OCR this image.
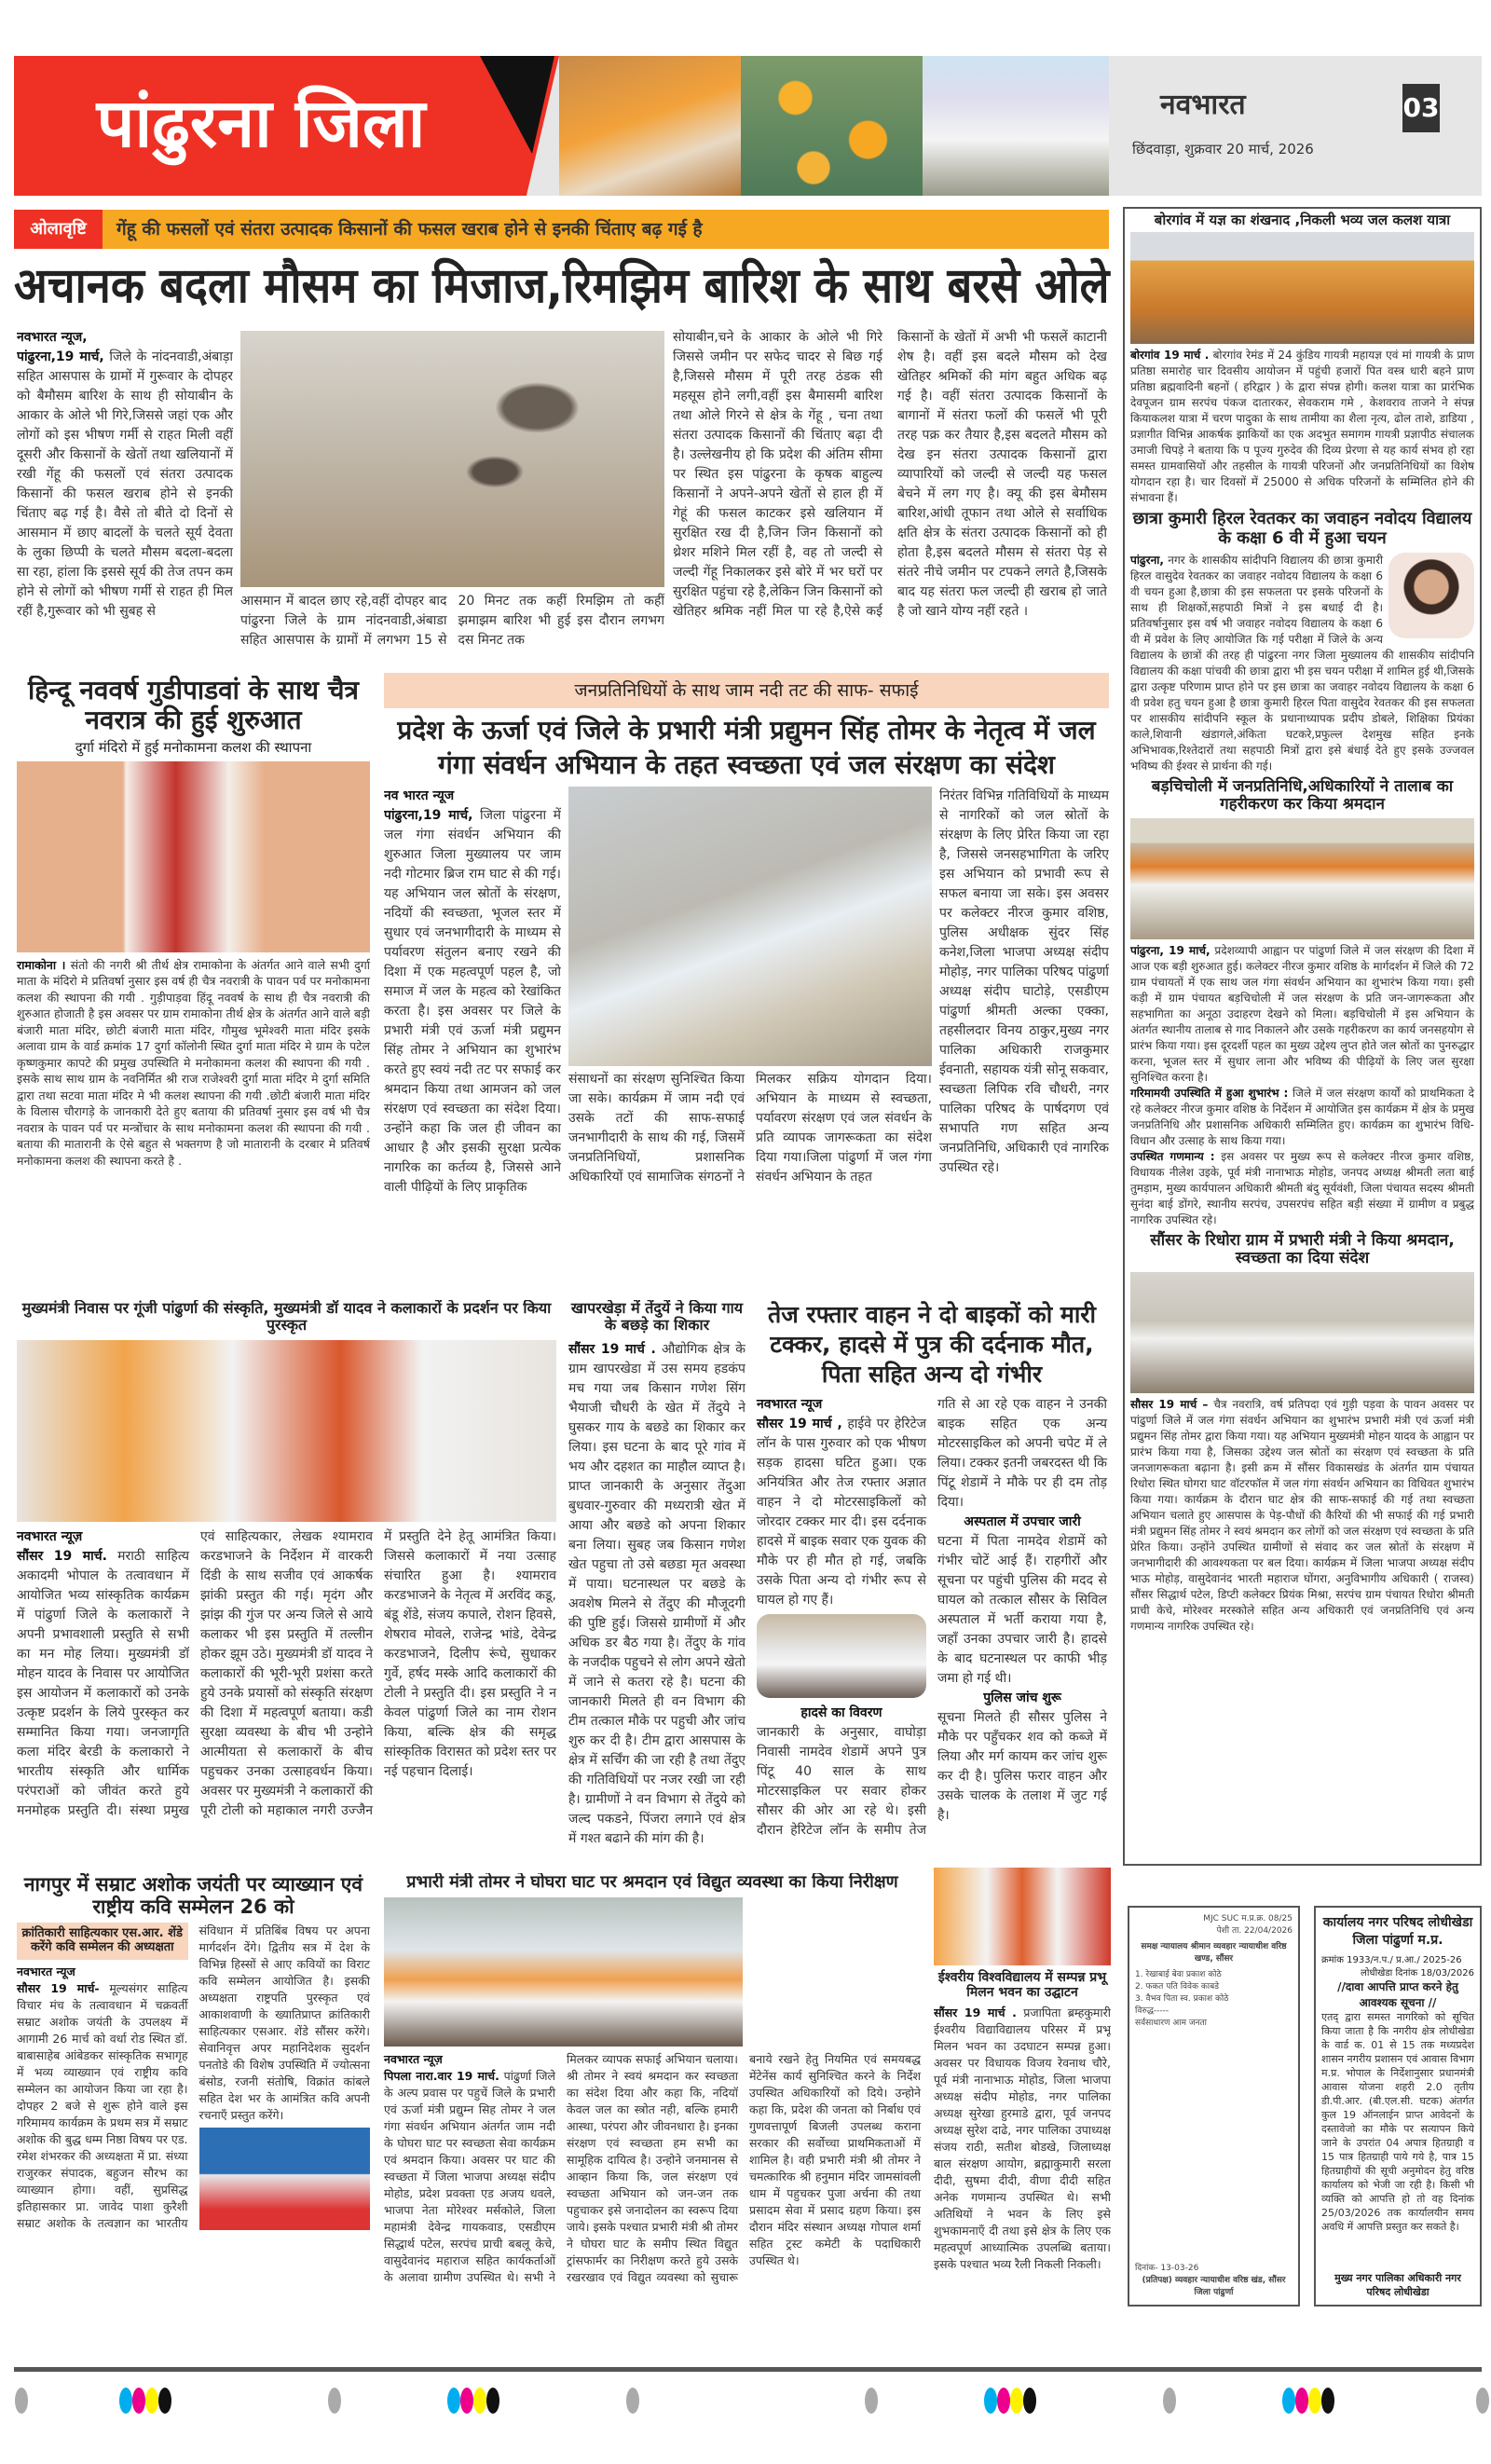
पांढुरना जिला	नवभारत	03
छिंदवाड़ा, शुक्रवार 20 मार्च, 2026
ओलावृष्टि	गेंहू की फसलों एवं संतरा उत्पादक किसानों की फसल खराब होने से इनकी चिंताए बढ़ गई है
अचानक बदला मौसम का मिजाज,रिमझिम बारिश के साथ बरसे ओले
नवभारत न्यूज,
पांढुरना,19 मार्च, जिले के नांदनवाडी,अंबाड़ा सहित आसपास के ग्रामों में गुरूवार के दोपहर को बैमौसम बारिश के साथ ही सोयाबीन के आकार के ओले भी गिरे,जिससे जहां एक और लोगों को इस भीषण गर्मी से राहत मिली वहीं दूसरी और किसानों के खेतों तथा खलियानों में रखी गेंहू की फसलों एवं संतरा उत्पादक किसानों की फसल खराब होने से इनकी चिंताए बढ़ गई है। वैसे तो बीते दो दिनों से आसमान में छाए बादलों के चलते सूर्य देवता के लुका छिप्पी के चलते मौसम बदला-बदला सा रहा, हांला कि इससे सूर्य की तेज तपन कम होने से लोगों को भीषण गर्मी से राहत ही मिल रहीं है,गुरूवार को भी सुबह से
आसमान में बादल छाए रहे,वहीं दोपहर बाद पांढुरना जिले के ग्राम नांदनवाडी,अंबाडा सहित आसपास के ग्रामों में लगभग 15 से 20 मिनट तक कहीं रिमझिम तो कहीं झमाझम बारिश भी हुई इस दौरान लगभग दस मिनट तक
सोयाबीन,चने के आकार के ओले भी गिरे जिससे जमीन पर सफेद चादर से बिछ गई है,जिससे मौसम में पूरी तरह ठंडक सी महसूस होने लगी,वहीं इस बैमासमी बारिश तथा ओले गिरने से क्षेत्र के गेंहू , चना तथा संतरा उत्पादक किसानों की चिंताए बढ़ा दी है। उल्लेखनीय हो कि प्रदेश की अंतिम सीमा पर स्थित इस पांढुरना के कृषक बाहुल्य किसानों ने अपने-अपने खेतों से हाल ही में गेहूं की फसल काटकर इसे खलियान में सुरक्षित रख दी है,जिन जिन किसानों को थ्रेशर मशिने मिल रहीं है, वह तो जल्दी से जल्दी गेंहू निकालकर इसे बोरे में भर घरों पर सुरक्षित पहुंचा रहे है,लेकिन जिन किसानों को खेतिहर श्रमिक नहीं मिल पा रहे है,ऐसे कई किसानों के खेतों में अभी भी फसलें काटानी शेष है। वहीं इस बदले मौसम को देख खेतिहर श्रमिकों की मांग बहुत अधिक बढ़ गई है। वहीं संतरा उत्पादक किसानों के बागानों में संतरा फलों की फसलें भी पूरी तरह पक्र कर तैयार है,इस बदलते मौसम को देख इन संतरा उत्पादक किसानों द्वारा व्यापारियों को जल्दी से जल्दी यह फसल बेचने में लग गए है। क्यू की इस बेमौसम बारिश,आंधी तूफान तथा ओले से सर्वाधिक क्षति क्षेत्र के संतरा उत्पादक किसानों को ही होता है,इस बदलते मौसम से संतरा पेड़ से संतरे नीचे जमीन पर टपकने लगते है,जिसके बाद यह संतरा फल जल्दी ही खराब हो जाते है जो खाने योग्य नहीं रहते ।
बोरगांव में यज्ञ का शंखनाद ,निकली भव्य जल कलश यात्रा
बोरगांव 19 मार्च . बोरगांव रेमंड में 24 कुंडिय गायत्री महायज्ञ एवं मां गायत्री के प्राण प्रतिष्ठा समारोह चार दिवसीय आयोजन में पहुंची हजारों पित वस्त्र धारी बहने प्राण प्रतिष्ठा ब्रह्मवादिनी बहनों ( हरिद्वार ) के द्वारा संपन्न होगी। कलश यात्रा का प्रारंभिक देवपूजन ग्राम सरपंच पंकज दातारकर, सेवकराम गमे , केशवराव ताजने ने संपन्न कियाकलश यात्रा में चरण पादुका के साथ तामीया का शैला नृत्य, ढोल ताशे, डाडिया , प्रज्ञागीत विभिन्न आकर्षक झाकियों का एक अदभुत समागम गायत्री प्रज्ञापीठ संचालक उमाजी चिपड़े ने बताया कि प पूज्य गुरुदेव की दिव्य प्रेरणा से यह कार्य संभव हो रहा समस्त ग्रामवासियों और तहसील के गायत्री परिजनों और जनप्रतिनिधियों का विशेष योगदान रहा है। चार दिवसों में 25000 से अधिक परिजनों के सम्मिलित होने की संभावना हैं।
छात्रा कुमारी हिरल रेवतकर का जवाहन नवोदय विद्यालय के कक्षा 6 वी में हुआ चयन
पांढुरना, नगर के शासकीय सांदीपनि विद्यालय की छात्रा कुमारी हिरल वासुदेव रेवतकर का जवाहर नवोदय विद्यालय के कक्षा 6 वी चयन हुआ है,छात्रा की इस सफलता पर इसके परिजनों के साथ ही शिक्षकों,सहपाठी मित्रों ने इस बधाई दी है। प्रतिवर्षानुसार इस वर्ष भी जवाहर नवोदय विद्यालय के कक्षा 6 वी में प्रवेश के लिए आयोजित कि गई परीक्षा में जिले के अन्य विद्यालय के छात्रों की तरह ही पांढुरना नगर जिला मुख्यालय की शासकीय सांदीपनि विद्यालय की कक्षा पांचवी की छात्रा द्वारा भी इस चयन परीक्षा में शामिल हुई थी,जिसके द्वारा उत्कृष्ट परिणाम प्राप्त होने पर इस छात्रा का जवाहर नवोदय विद्यालय के कक्षा 6 वी प्रवेश हतु चयन हुआ है छात्रा कुमारी हिरल पिता वासुदेव रेवतकर की इस सफलता पर शासकीय सांदीपनि स्कूल के प्रधानाध्यापक प्रदीप डोबले, शिक्षिका प्रियंका काले,शिवानी खंडागले,अंकिता घटकरे,प्रफुल्ल देशमुख सहित इनके अभिभावक,रिश्तेदारों तथा सहपाठी मित्रों द्वारा इसे बंधाई देते हुए इसके उज्जवल भविष्य की ईश्वर से प्रार्थना की गई।
बड़चिचोली में जनप्रतिनिधि,अधिकारियों ने तालाब का गहरीकरण कर किया श्रमदान
पांढुरना, 19 मार्च, प्रदेशव्यापी आह्वान पर पांढुर्णा जिले में जल संरक्षण की दिशा में आज एक बड़ी शुरुआत हुई। कलेक्टर नीरज कुमार वशिष्ठ के मार्गदर्शन में जिले की 72 ग्राम पंचायतों में एक साथ जल गंगा संवर्धन अभियान का शुभारंभ किया गया। इसी कड़ी में ग्राम पंचायत बड़चिचोली में जल संरक्षण के प्रति जन-जागरूकता और सहभागिता का अनूठा उदाहरण देखने को मिला। बड़चिचोली में इस अभियान के अंतर्गत स्थानीय तालाब से गाद निकालने और उसके गहरीकरण का कार्य जनसहयोग से प्रारंभ किया गया। इस दूरदर्शी पहल का मुख्य उद्देश्य लुप्त होते जल स्रोतों का पुनरुद्धार करना, भूजल स्तर में सुधार लाना और भविष्य की पीढ़ियों के लिए जल सुरक्षा सुनिश्चित करना है।
गरिमामयी उपस्थिति में हुआ शुभारंभ : जिले में जल संरक्षण कार्यों को प्राथमिकता दे रहे कलेक्टर नीरज कुमार वशिष्ठ के निर्देशन में आयोजित इस कार्यक्रम में क्षेत्र के प्रमुख जनप्रतिनिधि और प्रशासनिक अधिकारी सम्मिलित हुए। कार्यक्रम का शुभारंभ विधि-विधान और उत्साह के साथ किया गया।
उपस्थित गणमान्य : इस अवसर पर मुख्य रूप से कलेक्टर नीरज कुमार वशिष्ठ, विधायक नीलेश उइके, पूर्व मंत्री नानाभाऊ मोहोड, जनपद अध्यक्ष श्रीमती लता बाई तुमड़ाम, मुख्य कार्यपालन अधिकारी श्रीमती बंदु सूर्यवंशी, जिला पंचायत सदस्य श्रीमती सुनंदा बाई डोंगरे, स्थानीय सरपंच, उपसरपंच सहित बड़ी संख्या में ग्रामीण व प्रबुद्ध नागरिक उपस्थित रहे।
सौंसर के रिधोरा ग्राम में प्रभारी मंत्री ने किया श्रमदान, स्वच्छता का दिया संदेश
सौसर 19 मार्च – चैत्र नवरात्रि, वर्ष प्रतिपदा एवं गुड़ी पड़वा के पावन अवसर पर पांढुर्णा जिले में जल गंगा संवर्धन अभियान का शुभारंभ प्रभारी मंत्री एवं ऊर्जा मंत्री प्रद्युमन सिंह तोमर द्वारा किया गया। यह अभियान मुख्यमंत्री मोहन यादव के आह्वान पर प्रारंभ किया गया है, जिसका उद्देश्य जल स्रोतों का संरक्षण एवं स्वच्छता के प्रति जनजागरूकता बढ़ाना है। इसी क्रम में सौंसर विकासखंड के अंतर्गत ग्राम पंचायत रिधोरा स्थित घोगरा घाट वॉटरफॉल में जल गंगा संवर्धन अभियान का विधिवत शुभारंभ किया गया। कार्यक्रम के दौरान घाट क्षेत्र की साफ-सफाई की गई तथा स्वच्छता अभियान चलाते हुए आसपास के पेड़-पौधों की कैरियों की भी सफाई की गई प्रभारी मंत्री प्रद्युमन सिंह तोमर ने स्वयं श्रमदान कर लोगों को जल संरक्षण एवं स्वच्छता के प्रति प्रेरित किया। उन्होंने उपस्थित ग्रामीणों से संवाद कर जल स्रोतों के संरक्षण में जनभागीदारी की आवश्यकता पर बल दिया। कार्यक्रम में जिला भाजपा अध्यक्ष संदीप भाऊ मोहोड़, वासुदेवानंद भारती महाराज घोंगरा, अनुविभागीय अधिकारी ( राजस्व) सौंसर सिद्धार्थ पटेल, डिप्टी कलेक्टर प्रियंक मिश्रा, सरपंच ग्राम पंचायत रिधोरा श्रीमती प्राची केचे, मोरेश्वर मरस्कोले सहित अन्य अधिकारी एवं जनप्रतिनिधि एवं अन्य गणमान्य नागरिक उपस्थित रहे।
हिन्दू नववर्ष गुडीपाडवां के साथ चैत्र नवरात्र की हुई शुरुआत
दुर्गा मंदिरो में हुई मनोकामना कलश की स्थापना
रामाकोना । संतो की नगरी श्री तीर्थ क्षेत्र रामाकोना के अंतर्गत आने वाले सभी दुर्गा माता के मंदिरो मे प्रतिवर्षा नुसार इस वर्ष ही चैत्र नवरात्री के पावन पर्व पर मनोकामना कलश की स्थापना की गयी . गुड़ीपाड़वा हिंदू नववर्ष के साथ ही चैत्र नवरात्री की शुरुआत होजाती है इस अवसर पर ग्राम रामाकोना तीर्थ क्षेत्र के अंतर्गत आने वाले बड़ी बंजारी माता मंदिर, छोटी बंजारी माता मंदिर, गौमुख भूमेश्वरी माता मंदिर इसके अलावा ग्राम के वार्ड क्रमांक 17 दुर्गा कॉलोनी स्थित दुर्गा माता मंदिर मे ग्राम के पटेल कृष्णकुमार कापटे की प्रमुख उपस्थिति मे मनोकामना कलश की स्थापना की गयी . इसके साथ साथ ग्राम के नवनिर्मित श्री राज राजेश्वरी दुर्गा माता मंदिर मे दुर्गा समिति द्वारा तथा सटवा माता मंदिर मे भी कलश स्थापना की गयी .छोटी बंजारी माता मंदिर के विलास चौरागड़े के जानकारी देते हुए बताया की प्रतिवर्षा नुसार इस वर्ष भी चैत्र नवरात्र के पावन पर्व पर मन्त्रोंचार के साथ मनोकामना कलश की स्थापना की गयी . बताया की मातारानी के ऐसे बहुत से भक्तगण है जो मातारानी के दरबार मे प्रतिवर्ष मनोकामना कलश की स्थापना करते है .
जनप्रतिनिधियों के साथ जाम नदी तट की साफ- सफाई
प्रदेश के ऊर्जा एवं जिले के प्रभारी मंत्री प्रद्युमन सिंह तोमर के नेतृत्व में जल गंगा संवर्धन अभियान के तहत स्वच्छता एवं जल संरक्षण का संदेश
नव भारत न्यूज
पांढुरना,19 मार्च, जिला पांढुरना में जल गंगा संवर्धन अभियान की शुरुआत जिला मुख्यालय पर जाम नदी गोटमार ब्रिज राम घाट से की गई। यह अभियान जल स्रोतों के संरक्षण, नदियों की स्वच्छता, भूजल स्तर में सुधार एवं जनभागीदारी के माध्यम से पर्यावरण संतुलन बनाए रखने की दिशा में एक महत्वपूर्ण पहल है, जो समाज में जल के महत्व को रेखांकित करता है। इस अवसर पर जिले के प्रभारी मंत्री एवं ऊर्जा मंत्री प्रद्युमन सिंह तोमर ने अभियान का शुभारंभ करते हुए स्वयं नदी तट पर सफाई कर श्रमदान किया तथा आमजन को जल संरक्षण एवं स्वच्छता का संदेश दिया। उन्होंने कहा कि जल ही जीवन का आधार है और इसकी सुरक्षा प्रत्येक नागरिक का कर्तव्य है, जिससे आने वाली पीढ़ियों के लिए प्राकृतिक
संसाधनों का संरक्षण सुनिश्चित किया जा सके। कार्यक्रम में जाम नदी एवं उसके तटों की साफ-सफाई जनभागीदारी के साथ की गई, जिसमें जनप्रतिनिधियों, प्रशासनिक अधिकारियों एवं सामाजिक संगठनों ने मिलकर सक्रिय योगदान दिया। अभियान के माध्यम से स्वच्छता, पर्यावरण संरक्षण एवं जल संवर्धन के प्रति व्यापक जागरूकता का संदेश दिया गया।जिला पांढुर्णा में जल गंगा संवर्धन अभियान के तहत
निरंतर विभिन्न गतिविधियों के माध्यम से नागरिकों को जल स्रोतों के संरक्षण के लिए प्रेरित किया जा रहा है, जिससे जनसहभागिता के जरिए इस अभियान को प्रभावी रूप से सफल बनाया जा सके। इस अवसर पर कलेक्टर नीरज कुमार वशिष्ठ, पुलिस अधीक्षक सुंदर सिंह कनेश,जिला भाजपा अध्यक्ष संदीप मोहोड़, नगर पालिका परिषद पांढुर्णा अध्यक्ष संदीप घाटोड़े, एसडीएम पांढुर्णा श्रीमती अल्का एक्का, तहसीलदार विनय ठाकुर,मुख्य नगर पालिका अधिकारी राजकुमार ईवनाती, सहायक यंत्री सोनू सकवार, स्वच्छता लिपिक रवि चौधरी, नगर पालिका परिषद के पार्षदगण एवं सभापति गण सहित अन्य जनप्रतिनिधि, अधिकारी एवं नागरिक उपस्थित रहे।
मुख्यमंत्री निवास पर गूंजी पांढुर्णा की संस्कृति, मुख्यमंत्री डॉ यादव ने कलाकारों के प्रदर्शन पर किया पुरस्कृत
नवभारत न्यूज़
सौंसर 19 मार्च. मराठी साहित्य अकादमी भोपाल के तत्वावधान में आयोजित भव्य सांस्कृतिक कार्यक्रम में पांढुर्णा जिले के कलाकारों ने अपनी प्रभावशाली प्रस्तुति से सभी का मन मोह लिया। मुख्यमंत्री डॉ मोहन यादव के निवास पर आयोजित इस आयोजन में कलाकारों को उनके उत्कृष्ट प्रदर्शन के लिये पुरस्कृत कर सम्मानित किया गया। जनजागृति कला मंदिर बेरडी के कलाकारो ने भारतीय संस्कृति और धार्मिक परंपराओं को जीवंत करते हुये मनमोहक प्रस्तुति दी। संस्था प्रमुख एवं साहित्यकार, लेखक श्यामराव करडभाजने के निर्देशन में वारकरी दिंडी के साथ सजीव एवं आकर्षक झांकी प्रस्तुत की गई। मृदंग और झांझ की गुंज पर अन्य जिले से आये कलाकर भी इस प्रस्तुति में तल्लीन होकर झूम उठे। मुख्यमंत्री डॉ यादव ने कलाकारों की भूरी-भूरी प्रशंसा करते हुये उनके प्रयासों को संस्कृति संरक्षण की दिशा में महत्वपूर्ण बताया। कडी सुरक्षा व्यवस्था के बीच भी उन्होने आत्मीयता से कलाकारों के बीच पहुचकर उनका उत्साहवर्धन किया। अवसर पर मुख्यमंत्री ने कलाकारों की पूरी टोली को महाकाल नगरी उज्जैन में प्रस्तुति देने हेतू आमंत्रित किया। जिससे कलाकारों में नया उत्साह संचारित हुआ है। श्यामराव करडभाजने के नेतृत्व में अरविंद कडू, बंडू शेंडे, संजय कपाले, रोशन हिवसे, शेषराव मोवले, राजेन्द्र भांडे, देवेन्द्र करडभाजने, दिलीप रूंघे, सुधाकर गुर्वे, हर्षद मस्के आदि कलाकारों की टोली ने प्रस्तुति दी। इस प्रस्तुति ने न केवल पांढुर्णा जिले का नाम रोशन किया, बल्कि क्षेत्र की समृद्ध सांस्कृतिक विरासत को प्रदेश स्तर पर नई पहचान दिलाई।
खापरखेड़ा में तेंदुयें ने किया गाय के बछड़े का शिकार
सौंसर 19 मार्च . औद्योगिक क्षेत्र के ग्राम खापरखेडा में उस समय हडकंप मच गया जब किसान गणेश सिंग भैयाजी चौधरी के खेत में तेंदुये ने घुसकर गाय के बछडे का शिकार कर लिया। इस घटना के बाद पूरे गांव में भय और दहशत का माहौल व्याप्त है। प्राप्त जानकारी के अनुसार तेंदुआ बुधवार-गुरुवार की मध्यरात्री खेत में आया और बछडे को अपना शिकार बना लिया। सुबह जब किसान गणेश खेत पहुचा तो उसे बछडा मृत अवस्था में पाया। घटनास्थल पर बछडे के अवशेष मिलने से तेंदुए की मौजूदगी की पुष्टि हुई। जिससे ग्रामीणों में और अधिक डर बैठ गया है। तेंदुए के गांव के नजदीक पहुचने से लोग अपने खेतो में जाने से कतरा रहे है। घटना की जानकारी मिलते ही वन विभाग की टीम तत्काल मौके पर पहुची और जांच शुरु कर दी है। टीम द्वारा आसपास के क्षेत्र में सर्चिंग की जा रही है तथा तेंदुए की गतिविधियों पर नजर रखी जा रही है। ग्रामीणों ने वन विभाग से तेंदुये को जल्द पकडने, पिंजरा लगाने एवं क्षेत्र में गश्त बढाने की मांग की है।
तेज रफ्तार वाहन ने दो बाइकों को मारी टक्कर, हादसे में पुत्र की दर्दनाक मौत, पिता सहित अन्य दो गंभीर
नवभारत न्यूज
सौसर 19 मार्च , हाईवे पर हेरिटेज लॉन के पास गुरुवार को एक भीषण सड़क हादसा घटित हुआ। एक अनियंत्रित और तेज रफ्तार अज्ञात वाहन ने दो मोटरसाइकिलों को जोरदार टक्कर मार दी। इस दर्दनाक हादसे में बाइक सवार एक युवक की मौके पर ही मौत हो गई, जबकि उसके पिता अन्य दो गंभीर रूप से घायल हो गए हैं।
हादसे का विवरण
जानकारी के अनुसार, वाघोड़ा निवासी नामदेव शेडामें अपने पुत्र पिंटू 40 साल के साथ मोटरसाइकिल पर सवार होकर सौसर की ओर आ रहे थे। इसी दौरान हेरिटेज लॉन के समीप तेज गति से आ रहे एक वाहन ने उनकी बाइक सहित एक अन्य मोटरसाइकिल को अपनी चपेट में ले लिया। टक्कर इतनी जबरदस्त थी कि पिंटू शेडामें ने मौके पर ही दम तोड़ दिया।
अस्पताल में उपचार जारी
घटना में पिता नामदेव शेडामें को गंभीर चोटें आई हैं। राहगीरों और सूचना पर पहुंची पुलिस की मदद से घायल को तत्काल सौसर के सिविल अस्पताल में भर्ती कराया गया है, जहाँ उनका उपचार जारी है। हादसे के बाद घटनास्थल पर काफी भीड़ जमा हो गई थी।
पुलिस जांच शुरू
सूचना मिलते ही सौसर पुलिस ने मौके पर पहुँचकर शव को कब्जे में लिया और मर्ग कायम कर जांच शुरू कर दी है। पुलिस फरार वाहन और उसके चालक के तलाश में जुट गई है।
नागपुर में सम्राट अशोक जयंती पर व्याख्यान एवं राष्ट्रीय कवि सम्मेलन 26 को
क्रांतिकारी साहित्यकार एस.आर. शेंडे करेंगे कवि सम्मेलन की अध्यक्षता
नवभारत न्यूज
सौसर 19 मार्च- मूल्यसंगर साहित्य विचार मंच के तत्वावधान में चक्रवर्ती सम्राट अशोक जयंती के उपलक्ष्य में आगामी 26 मार्च को वर्धा रोड स्थित डॉ. बाबासाहेब आंबेडकर सांस्कृतिक सभागृह में भव्य व्याख्यान एवं राष्ट्रीय कवि सम्मेलन का आयोजन किया जा रहा है।दोपहर 2 बजे से शुरू होने वाले इस गरिमामय कार्यक्रम के प्रथम सत्र में सम्राट अशोक की बुद्ध धम्म निष्ठा विषय पर एड. रमेश शंभरकर की अध्यक्षता में प्रा. संध्या राजुरकर संपादक, बहुजन सौरभ का व्याख्यान होगा। वहीं, सुप्रसिद्ध इतिहासकार प्रा. जावेद पाशा कुरैशी सम्राट अशोक के तत्वज्ञान का भारतीय संविधान में प्रतिबिंब विषय पर अपना मार्गदर्शन देंगे। द्वितीय सत्र में देश के विभिन्न हिस्सों से आए कवियों का विराट कवि सम्मेलन आयोजित है। इसकी अध्यक्षता राष्ट्रपति पुरस्कृत एवं आकाशवाणी के ख्यातिप्राप्त क्रांतिकारी साहित्यकार एसआर. शेंडे सौंसर करेंगे। सेवानिवृत्त अपर महानिदेशक सुदर्शन पनतोडे की विशेष उपस्थिति में ज्योत्सना बंसोड, रजनी संतोषि, विक्रांत कांबले सहित देश भर के आमंत्रित कवि अपनी रचनाएँ प्रस्तुत करेंगे।
प्रभारी मंत्री तोमर ने घोघरा घाट पर श्रमदान एवं विद्युत व्यवस्था का किया निरीक्षण
नवभारत न्यूज़
पिपला नारा.वार 19 मार्च. पांढुर्णा जिले के अल्प प्रवास पर पहुचें जिले के प्रभारी एवं ऊर्जा मंत्री प्रद्युम्न सिह तोमर ने जल गंगा संवर्धन अभियान अंतर्गत जाम नदी के घोघरा घाट पर स्वच्छता सेवा कार्यक्रम एवं श्रमदान किया। अवसर पर घाट की स्वच्छता में जिला भाजपा अध्यक्ष संदीप मोहोड, प्रदेश प्रवक्ता एड अजय धवले, भाजपा नेता मोरेश्वर मर्सकोले, जिला महामंत्री देवेन्द्र गायकवाड, एसडीएम सिद्धार्थ पटेल, सरपंच प्राची बबलू केचे, वासुदेवानंद महाराज सहित कार्यकर्ताओं के अलावा ग्रामीण उपस्थित थे। सभी ने मिलकर व्यापक सफाई अभियान चलाया। श्री तोमर ने स्वयं श्रमदान कर स्वच्छता का संदेश दिया और कहा कि, नदियॉ केवल जल का स्त्रोत नही, बल्कि हमारी आस्था, परंपरा और जीवनधारा है। इनका संरक्षण एवं स्वच्छता हम सभी का सामूहिक दायित्व है। उन्होने जनमानस से आव्हान किया कि, जल संरक्षण एवं स्वच्छता अभियान को जन-जन तक पहुचाकर इसे जनादोलन का स्वरूप दिया जाये। इसके पश्चात प्रभारी मंत्री श्री तोमर ने घोघरा घाट के समीप स्थित विद्युत ट्रांसफार्मर का निरीक्षण करते हुये उसके रखरखाव एवं विद्युत व्यवस्था को सुचारू बनाये रखने हेतु नियमित एवं समयबद्ध मेंटेनेंस कार्य सुनिश्चित करने के निर्देश उपस्थित अधिकारियों को दिये। उन्होने कहा कि, प्रदेश की जनता को निर्बाध एवं गुणवत्तापूर्ण बिजली उपलब्ध कराना सरकार की सर्वोच्चा प्राथमिकताओं में शामिल है। वही प्रभारी मंत्री श्री तोमर ने चमत्कारिक श्री हनुमान मंदिर जामसांवली धाम में पहुचकर पुजा अर्चना की तथा प्रसादम सेवा में प्रसाद ग्रहण किया। इस दौरान मंदिर संस्थान अध्यक्ष गोपाल शर्मा सहित ट्रस्ट कमेटी के पदाधिकारी उपस्थित थे।
ईश्वरीय विश्वविद्यालय में सम्पन्न प्रभू मिलन भवन का उद्घाटन
सौंसर 19 मार्च . प्रजापिता ब्रम्हकुमारी ईश्वरीय विद्याविद्यालय परिसर में प्रभू मिलन भवन का उदघाटन सम्पन्न हुआ। अवसर पर विधायक विजय रेवनाथ चौरे, पूर्व मंत्री नानाभाऊ मोहोड, जिला भाजपा अध्यक्ष संदीप मोहोड, नगर पालिका अध्यक्ष सुरेखा हुरमाडे द्वारा, पूर्व जनपद अध्यक्ष सुरेश दाढे, नगर पालिका उपाध्यक्ष संजय राठी, सतीश बोडखे, जिलाध्यक्ष बाल संरक्षण आयोग, ब्रह्माकुमारी सरला दीदी, सुषमा दीदी, वीणा दीदी सहित अनेक गणमान्य उपस्थित थे। सभी अतिथियों ने भवन के लिए इसे शुभकामनाएँ दी तथा इसे क्षेत्र के लिए एक महत्वपूर्ण आध्यात्मिक उपलब्धि बताया। इसके पश्चात भव्य रैली निकली निकली।
MJC SUC म.प्र.क्र. 08/25
पेशी ता. 22/04/2026
समक्ष न्यायालय श्रीमान व्यवहार न्यायाधीश वरिष्ठ खण्ड, सौंसर
1. रेखाबाई बेवा प्रकाश कोठे
2. फकत पति विवेक काबडे
3. वैभव पिता स्व. प्रकाश कोठे
विरुद्ध-----
सर्वसाधारण आम जनता
दिनांक- 13-03-26
(प्रतिपक्ष) व्यवहार न्यायाधीश वरिष्ठ खंड, सौंसर जिला पांढुर्णा
कार्यालय नगर परिषद लोधीखेडा जिला पांढुर्णा म.प्र.
क्रमांक 1933/न.प./ प्र.आ./ 2025-26
लोधीखेडा दिनांक 18/03/2026
//दावा आपत्ति प्राप्त करने हेतु आवश्यक सूचना //
एतद् द्वारा समस्त नागरिको को सूचित किया जाता है कि नगरीय क्षेत्र लोधीखेडा के वार्ड क. 01 से 15 तक मध्यप्रदेश शासन नगरीय प्रशासन एवं आवास विभाग म.प्र. भोपाल के निर्देशानुसार प्रधानमंत्री आवास योजना शहरी 2.0 तृतीय डी.पी.आर. (बी.एल.सी. घटक) अंतर्गत कुल 19 ऑनलाईन प्राप्त आवेदनों के दस्तावेजो का मौके पर सत्यापन किये जाने के उपरांत 04 अपात्र हितग्राही व 15 पात्र हितग्राही पाये गये है, पात्र 15 हितग्राहीयों की सूची अनुमोदन हेतु वरिष्ठ कार्यालय को भेजी जा रही है। किसी भी व्यक्ति को आपत्ति हो तो वह दिनांक 25/03/2026 तक कार्यालयीन समय अवधि में आपत्ति प्रस्तुत कर सकते है।
मुख्य नगर पालिका अधिकारी नगर परिषद लोधीखेडा
